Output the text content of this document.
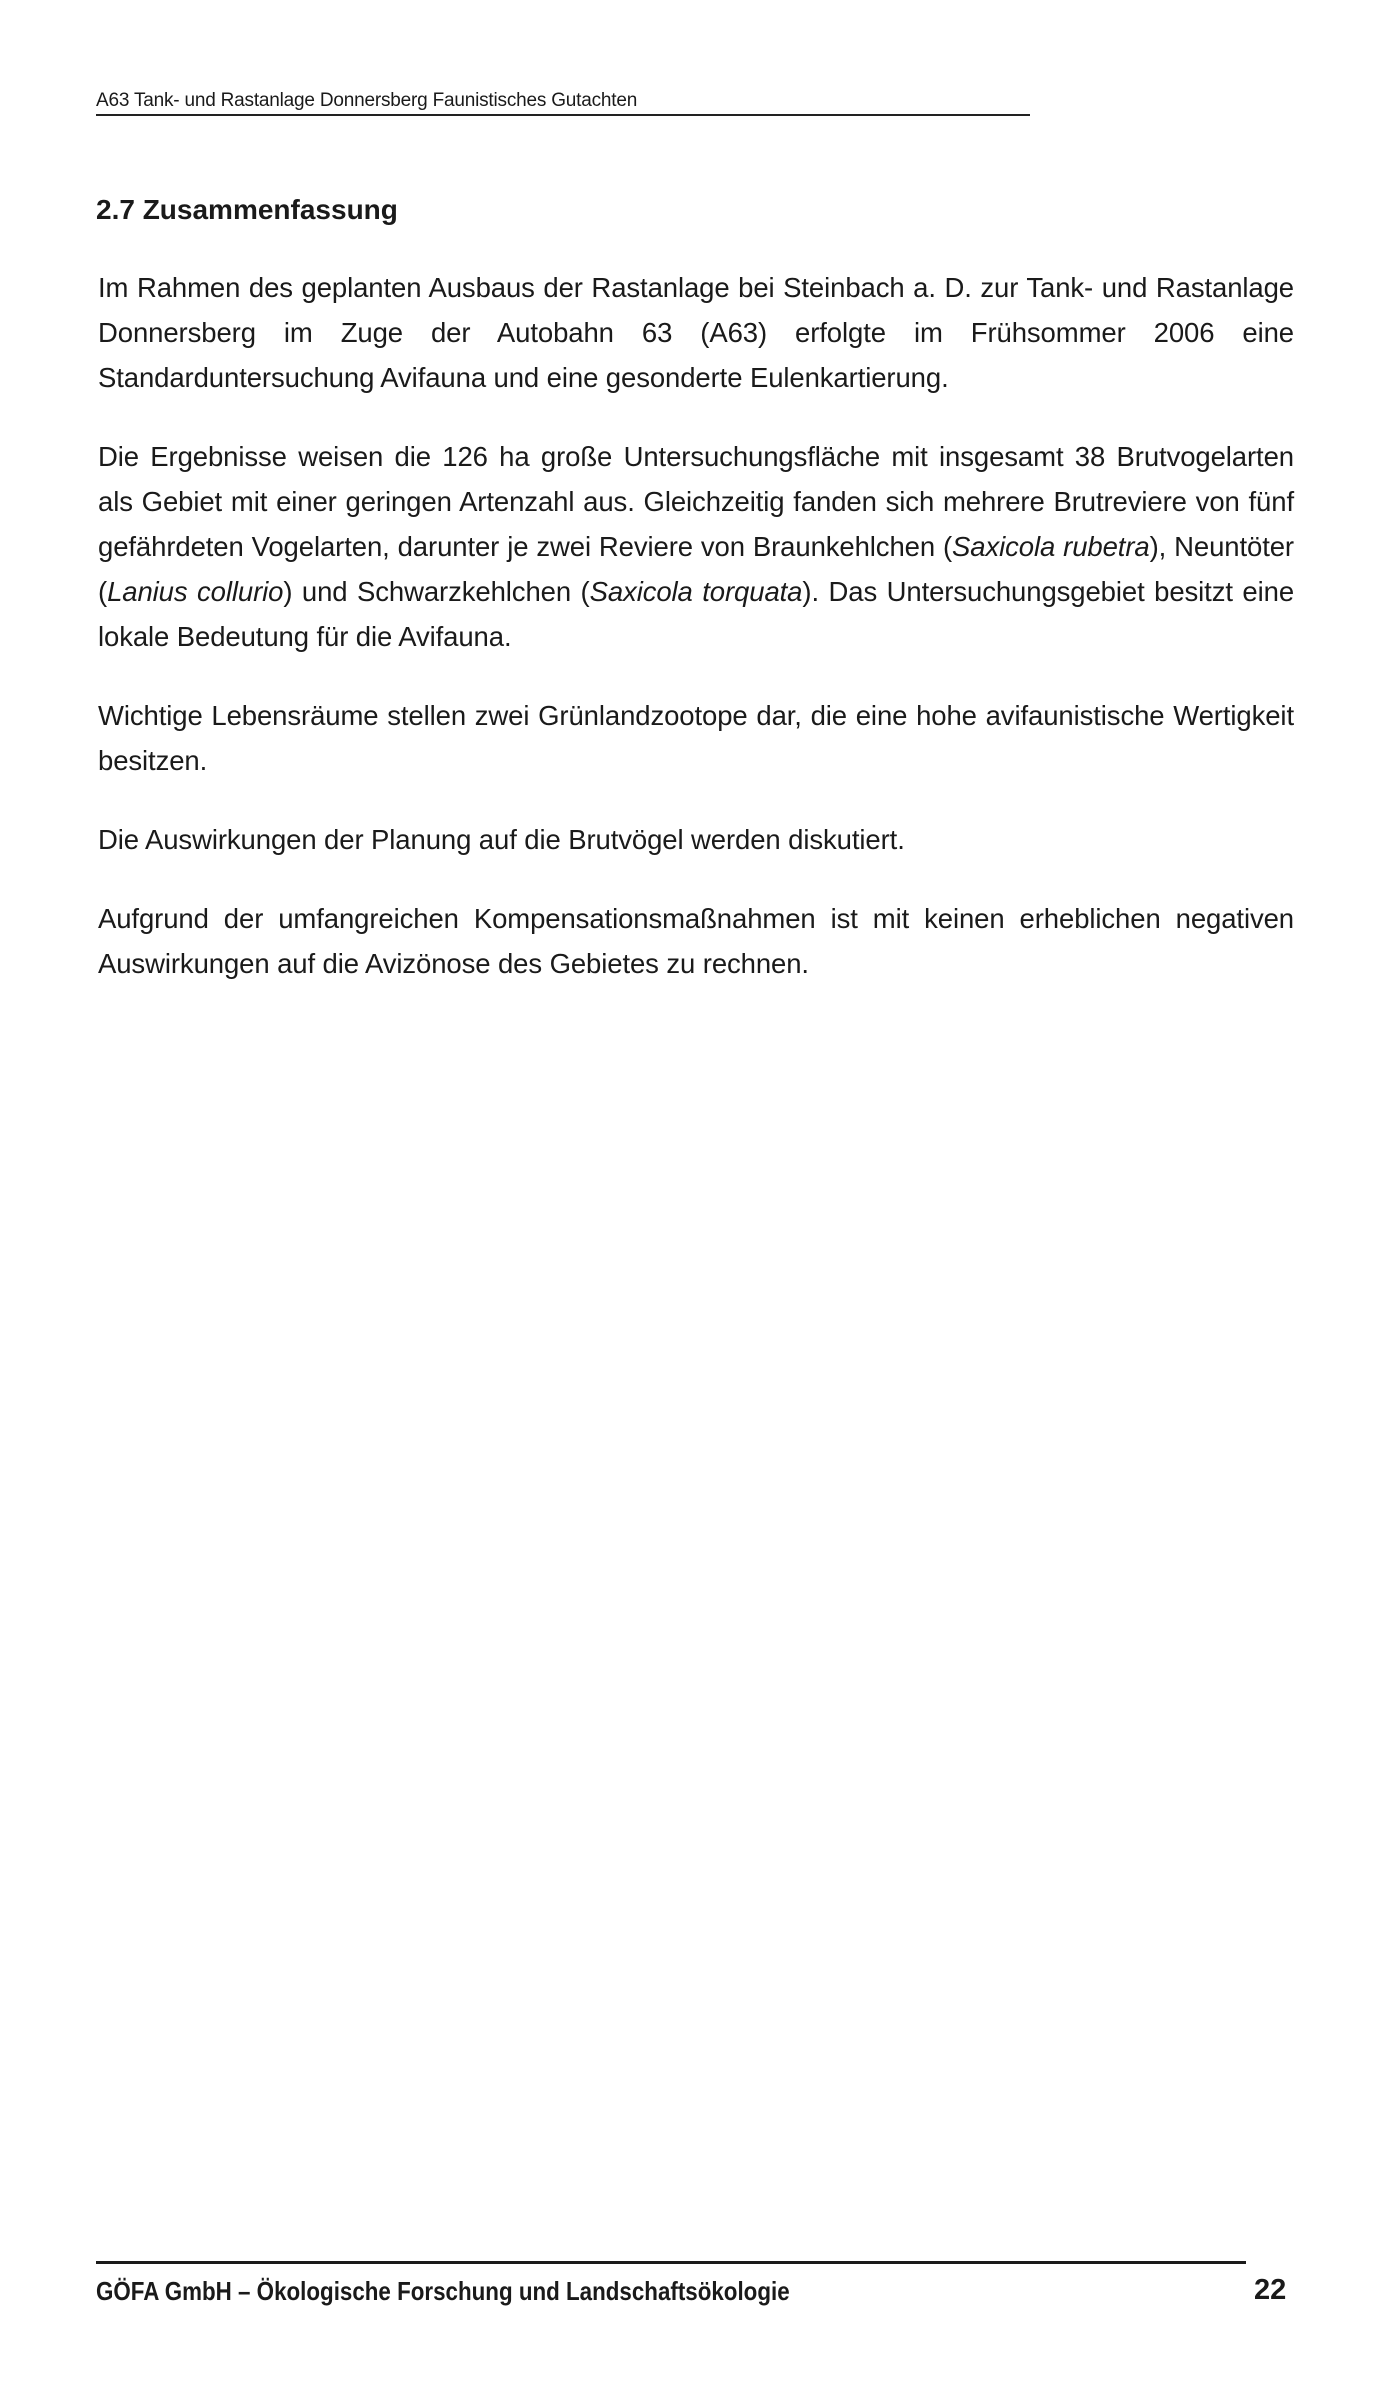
A63 Tank- und Rastanlage Donnersberg Faunistisches Gutachten
2.7 Zusammenfassung

Im Rahmen des geplanten Ausbaus der Rastanlage bei Steinbach a. D. zur Tank- und Rastanlage Donnersberg im Zuge der Autobahn 63 (A63) erfolgte im Frühsommer 2006 eine Standarduntersuchung Avifauna und eine gesonderte Eulenkartierung.

Die Ergebnisse weisen die 126 ha große Untersuchungsfläche mit insgesamt 38 Brutvogelarten als Gebiet mit einer geringen Artenzahl aus. Gleichzeitig fanden sich mehrere Brutreviere von fünf gefährdeten Vogelarten, darunter je zwei Reviere von Braunkehlchen (Saxicola rubetra), Neuntöter (Lanius collurio) und Schwarzkehlchen (Saxicola torquata). Das Untersuchungsgebiet besitzt eine lokale Bedeutung für die Avifauna.

Wichtige Lebensräume stellen zwei Grünlandzootope dar, die eine hohe avifaunistische Wertigkeit besitzen.

Die Auswirkungen der Planung auf die Brutvögel werden diskutiert.

Aufgrund der umfangreichen Kompensationsmaßnahmen ist mit keinen erheblichen negativen Auswirkungen auf die Avizönose des Gebietes zu rechnen.

GÖFA GmbH – Ökologische Forschung und Landschaftsökologie	22
